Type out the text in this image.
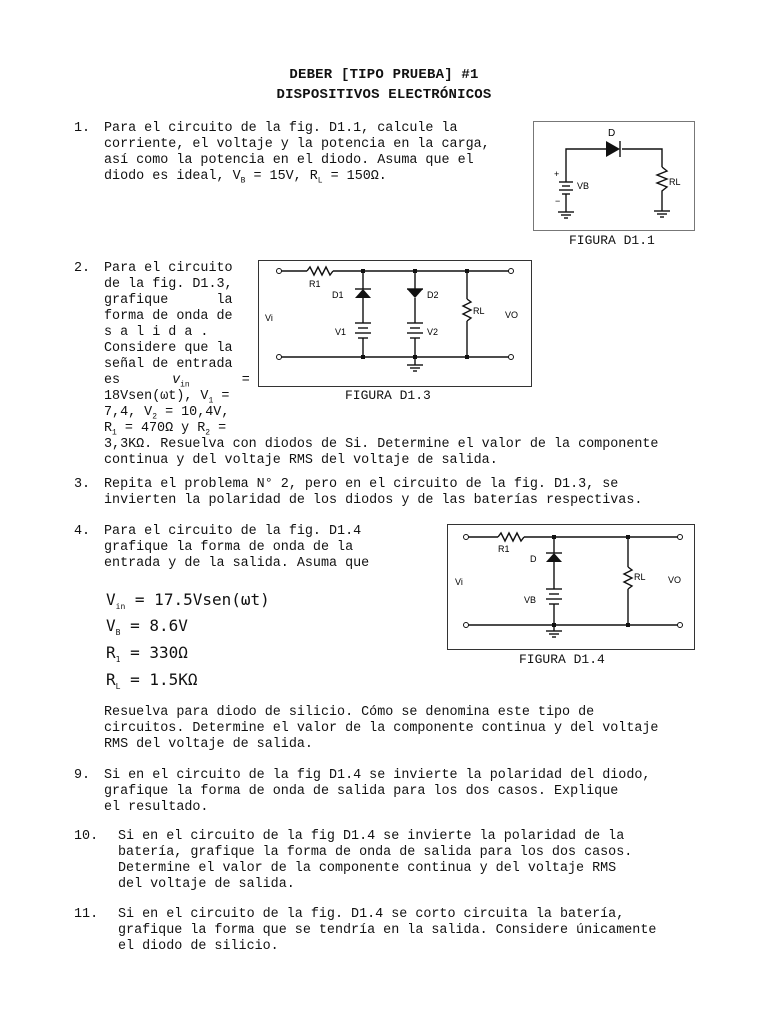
DEBER [TIPO PRUEBA] #1
DISPOSITIVOS ELECTRÓNICOS
1. Para el circuito de la fig. D1.1, calcule la
corriente, el voltaje y la potencia en la carga,
así como la potencia en el diodo. Asuma que el
diodo es ideal, $V_B = 15V$, $R_L = 150\Omega$.
D
VB	RL
+
−
FIGURA D1.1
2. Para el circuito
de la fig. D1.3,
grafique      la
forma de onda de
s a l i d a .
Considere que la
señal de entrada
es	$v_{in}$	=
18Vsen(ωt), $V_1$ =
7,4, $V_2 = 10,4V$,
$R_1 = 470\Omega$ y $R_2$ =
3,3KΩ. Resuelva con diodos de Si. Determine el valor de la componente
continua y del voltaje RMS del voltaje de salida.
R1
D1	D2
V1	V2
RL
Vi	VO
FIGURA D1.3
3. Repita el problema N° 2, pero en el circuito de la fig. D1.3, se
invierten la polaridad de los diodos y de las baterías respectivas.
4. Para el circuito de la fig. D1.4
grafique la forma de onda de la
entrada y de la salida. Asuma que
$V_{in}$ = 17.5Vsen(ωt)
$V_B = 8.6V$
$R_1 = 330\Omega$
$R_L = 1.5K\Omega$
Resuelva para diodo de silicio. Cómo se denomina este tipo de
circuitos. Determine el valor de la componente continua y del voltaje
RMS del voltaje de salida.
R1
D
VB
RL
Vi	VO
FIGURA D1.4
9. Si en el circuito de la fig D1.4 se invierte la polaridad del diodo,
grafique la forma de onda de salida para los dos casos. Explique
el resultado.
10. Si en el circuito de la fig D1.4 se invierte la polaridad de la
batería, grafique la forma de onda de salida para los dos casos.
Determine el valor de la componente continua y del voltaje RMS
del voltaje de salida.
11. Si en el circuito de la fig. D1.4 se corto circuita la batería,
grafique la forma que se tendría en la salida. Considere únicamente
el diodo de silicio.
